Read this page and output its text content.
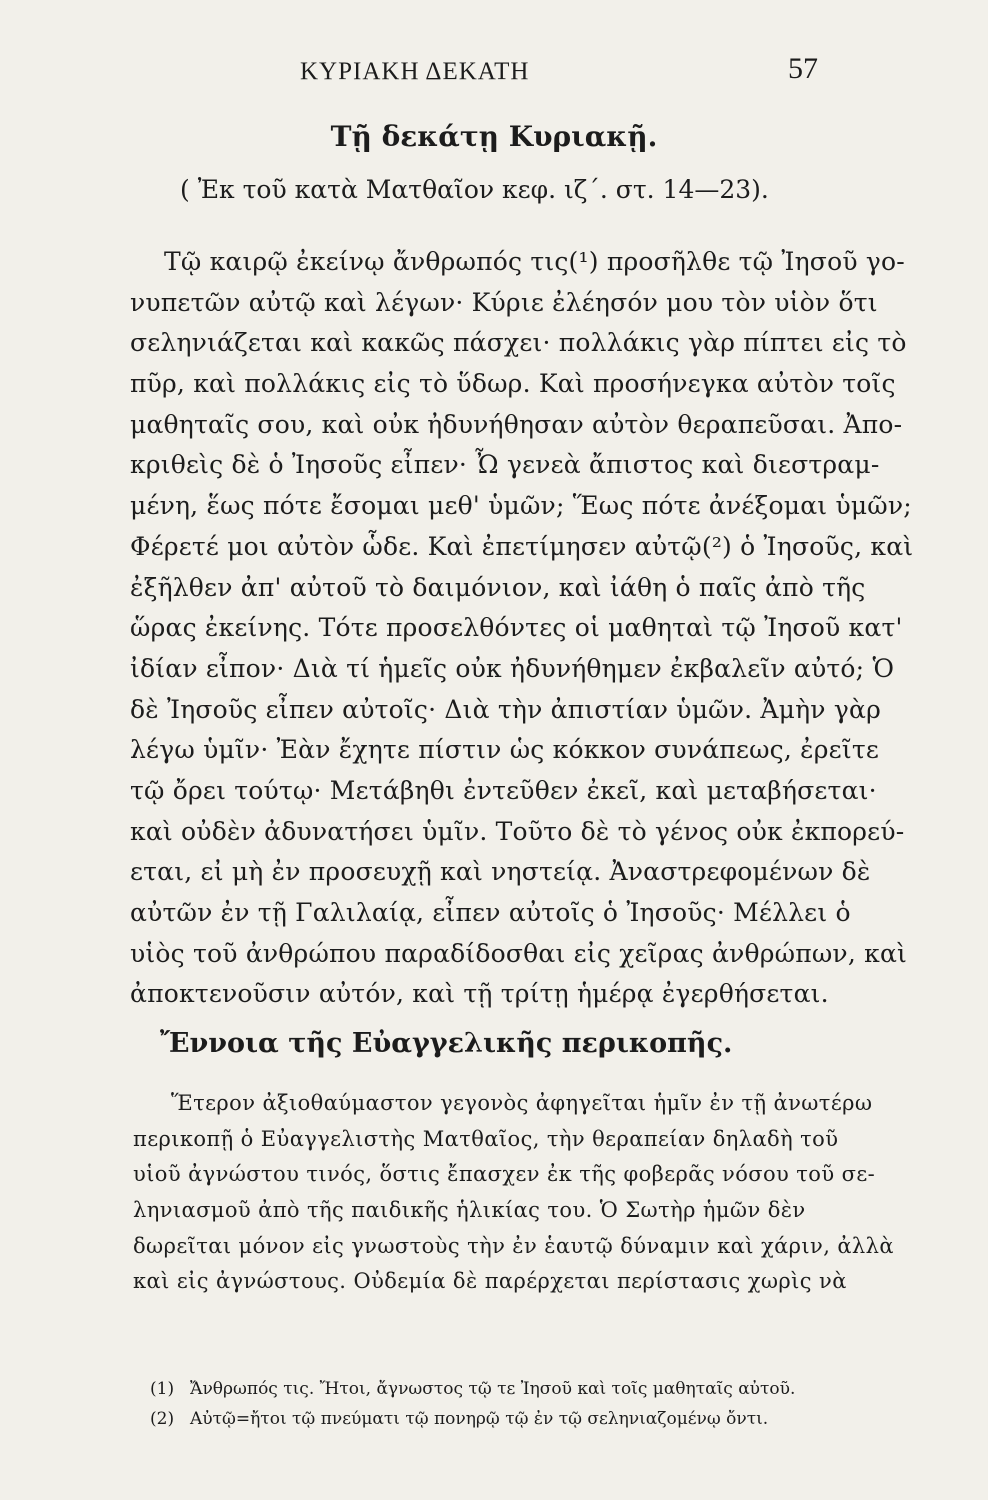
ΚΥΡΙΑΚΗ ΔΕΚΑΤΗ	57
Τῇ δεκάτῃ Κυριακῇ.
( Ἐκ τοῦ κατὰ Ματθαῖον κεφ. ιζ΄. στ. 14—23).
Τῷ καιρῷ ἐκείνῳ ἄνθρωπός τις(¹) προσῆλθε τῷ Ἰησοῦ γο-
νυπετῶν αὐτῷ καὶ λέγων· Κύριε ἐλέησόν μου τὸν υἱὸν ὅτι
σεληνιάζεται καὶ κακῶς πάσχει· πολλάκις γὰρ πίπτει εἰς τὸ
πῦρ, καὶ πολλάκις εἰς τὸ ὕδωρ. Καὶ προσήνεγκα αὐτὸν τοῖς
μαθηταῖς σου, καὶ οὐκ ἠδυνήθησαν αὐτὸν θεραπεῦσαι. Ἀπο-
κριθεὶς δὲ ὁ Ἰησοῦς εἶπεν· Ὦ γενεὰ ἄπιστος καὶ διεστραμ-
μένη, ἕως πότε ἔσομαι μεθ' ὑμῶν; Ἕως πότε ἀνέξομαι ὑμῶν;
Φέρετέ μοι αὐτὸν ὧδε. Καὶ ἐπετίμησεν αὐτῷ(²) ὁ Ἰησοῦς, καὶ
ἐξῆλθεν ἀπ' αὐτοῦ τὸ δαιμόνιον, καὶ ἰάθη ὁ παῖς ἀπὸ τῆς
ὥρας ἐκείνης. Τότε προσελθόντες οἱ μαθηταὶ τῷ Ἰησοῦ κατ'
ἰδίαν εἶπον· Διὰ τί ἡμεῖς οὐκ ἠδυνήθημεν ἐκβαλεῖν αὐτό; Ὁ
δὲ Ἰησοῦς εἶπεν αὐτοῖς· Διὰ τὴν ἀπιστίαν ὑμῶν. Ἀμὴν γὰρ
λέγω ὑμῖν· Ἐὰν ἔχητε πίστιν ὡς κόκκον συνάπεως, ἐρεῖτε
τῷ ὄρει τούτῳ· Μετάβηθι ἐντεῦθεν ἐκεῖ, καὶ μεταβήσεται·
καὶ οὐδὲν ἀδυνατήσει ὑμῖν. Τοῦτο δὲ τὸ γένος οὐκ ἐκπορεύ-
εται, εἰ μὴ ἐν προσευχῇ καὶ νηστείᾳ. Ἀναστρεφομένων δὲ
αὐτῶν ἐν τῇ Γαλιλαίᾳ, εἶπεν αὐτοῖς ὁ Ἰησοῦς· Μέλλει ὁ
υἱὸς τοῦ ἀνθρώπου παραδίδοσθαι εἰς χεῖρας ἀνθρώπων, καὶ
ἀποκτενοῦσιν αὐτόν, καὶ τῇ τρίτῃ ἡμέρᾳ ἐγερθήσεται.
Ἔννοια τῆς Εὐαγγελικῆς περικοπῆς.
Ἕτερον ἀξιοθαύμαστον γεγονὸς ἀφηγεῖται ἡμῖν ἐν τῇ ἀνωτέρω
περικοπῇ ὁ Εὐαγγελιστὴς Ματθαῖος, τὴν θεραπείαν δηλαδὴ τοῦ
υἱοῦ ἀγνώστου τινός, ὅστις ἔπασχεν ἐκ τῆς φοβερᾶς νόσου τοῦ σε-
ληνιασμοῦ ἀπὸ τῆς παιδικῆς ἡλικίας του. Ὁ Σωτὴρ ἡμῶν δὲν
δωρεῖται μόνον εἰς γνωστοὺς τὴν ἐν ἑαυτῷ δύναμιν καὶ χάριν, ἀλλὰ
καὶ εἰς ἀγνώστους. Οὐδεμία δὲ παρέρχεται περίστασις χωρὶς νὰ
(1) Ἄνθρωπός τις. Ἤτοι, ἄγνωστος τῷ τε Ἰησοῦ καὶ τοῖς μαθηταῖς αὐτοῦ.
(2) Αὐτῷ=ἤτοι τῷ πνεύματι τῷ πονηρῷ τῷ ἐν τῷ σεληνιαζομένῳ ὄντι.
